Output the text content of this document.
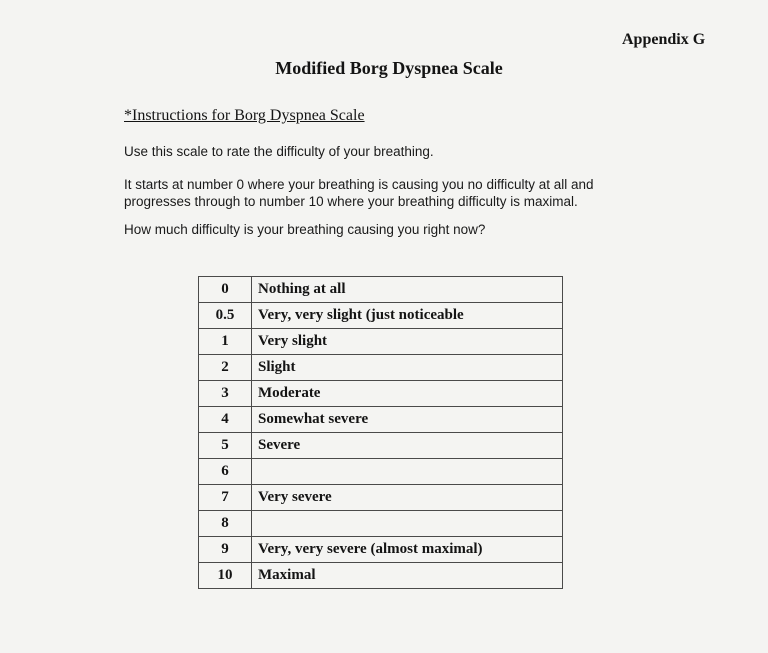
Appendix G
Modified Borg Dyspnea Scale
*Instructions for Borg Dyspnea Scale
Use this scale to rate the difficulty of your breathing.
It starts at number 0 where your breathing is causing you no difficulty at all and progresses through to number 10 where your breathing difficulty is maximal.
How much difficulty is your breathing causing you right now?
0	Nothing at all
0.5	Very, very slight (just noticeable
1	Very slight
2	Slight
3	Moderate
4	Somewhat severe
5	Severe
6	
7	Very severe
8	
9	Very, very severe (almost maximal)
10	Maximal
